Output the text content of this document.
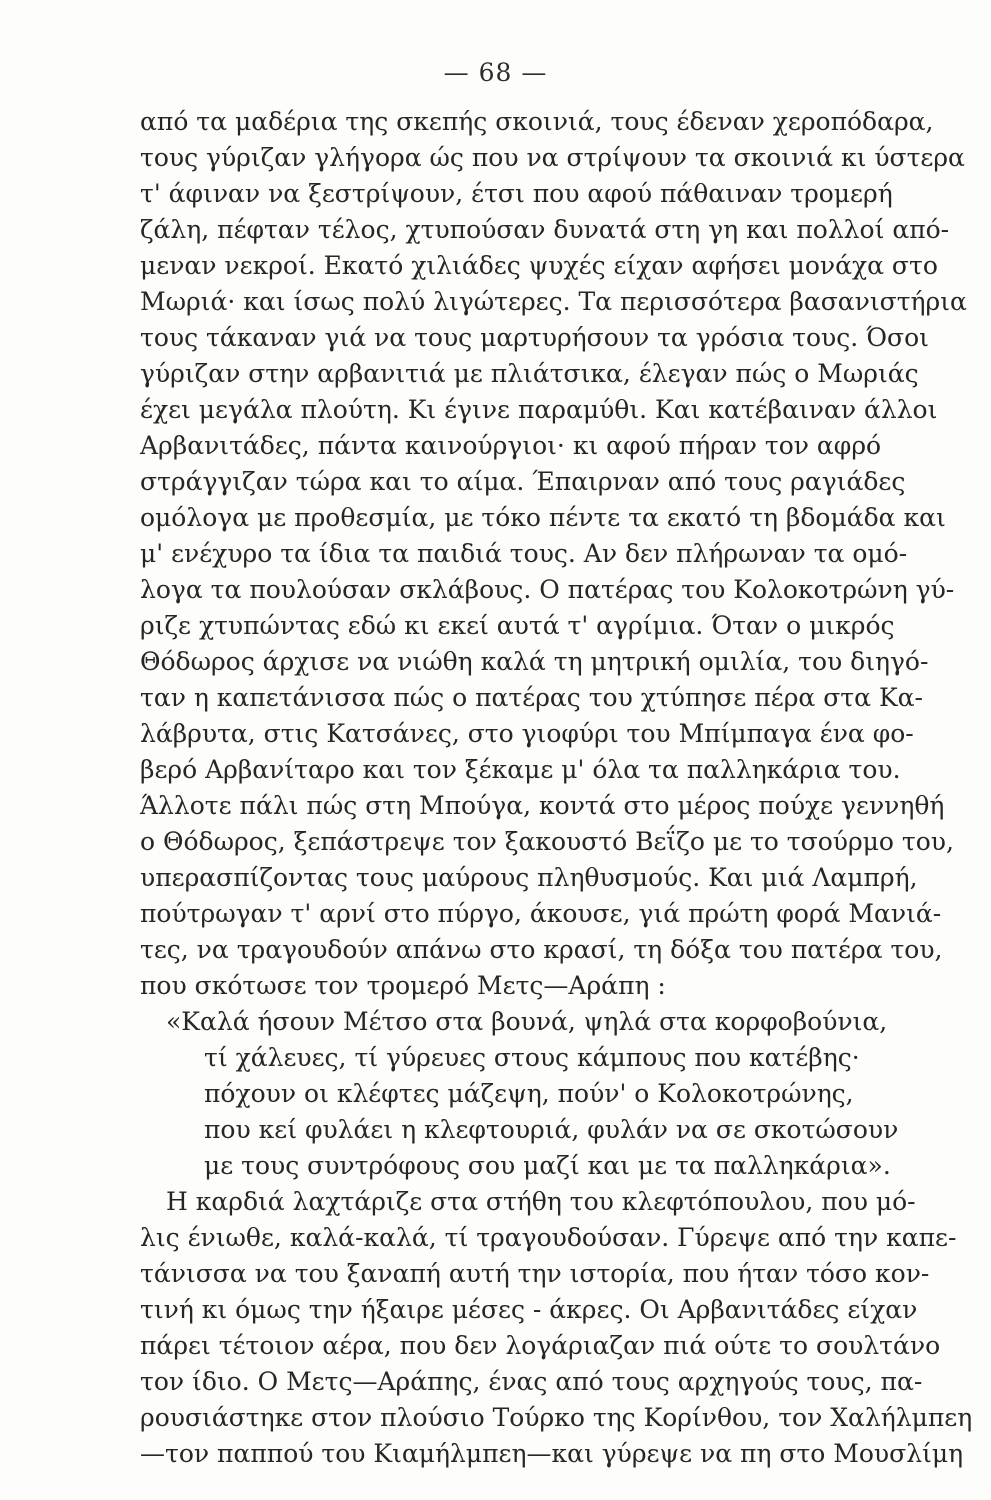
— 68 —
από τα μαδέρια της σκεπής σκοινιά, τους έδεναν χεροπόδαρα,
τους γύριζαν γλήγορα ώς που να στρίψουν τα σκοινιά κι ύστερα
τ' άφιναν να ξεστρίψουν, έτσι που αφού πάθαιναν τρομερή
ζάλη, πέφταν τέλος, χτυπούσαν δυνατά στη γη και πολλοί από-
μεναν νεκροί. Εκατό χιλιάδες ψυχές είχαν αφήσει μονάχα στο
Μωριά· και ίσως πολύ λιγώτερες. Τα περισσότερα βασανιστήρια
τους τάκαναν γιά να τους μαρτυρήσουν τα γρόσια τους. Όσοι
γύριζαν στην αρβανιτιά με πλιάτσικα, έλεγαν πώς ο Μωριάς
έχει μεγάλα πλούτη. Κι έγινε παραμύθι. Και κατέβαιναν άλλοι
Αρβανιτάδες, πάντα καινούργιοι· κι αφού πήραν τον αφρό
στράγγιζαν τώρα και το αίμα. Έπαιρναν από τους ραγιάδες
ομόλογα με προθεσμία, με τόκο πέντε τα εκατό τη βδομάδα και
μ' ενέχυρο τα ίδια τα παιδιά τους. Αν δεν πλήρωναν τα ομό-
λογα τα πουλούσαν σκλάβους. Ο πατέρας του Κολοκοτρώνη γύ-
ριζε χτυπώντας εδώ κι εκεί αυτά τ' αγρίμια. Όταν ο μικρός
Θόδωρος άρχισε να νιώθη καλά τη μητρική ομιλία, του διηγό-
ταν η καπετάνισσα πώς ο πατέρας του χτύπησε πέρα στα Κα-
λάβρυτα, στις Κατσάνες, στο γιοφύρι του Μπίμπαγα ένα φο-
βερό Αρβανίταρο και τον ξέκαμε μ' όλα τα παλληκάρια του.
Άλλοτε πάλι πώς στη Μπούγα, κοντά στο μέρος πούχε γεννηθή
ο Θόδωρος, ξεπάστρεψε τον ξακουστό Βεΐζο με το τσούρμο του,
υπερασπίζοντας τους μαύρους πληθυσμούς. Και μιά Λαμπρή,
πούτρωγαν τ' αρνί στο πύργο, άκουσε, γιά πρώτη φορά Μανιά-
τες, να τραγουδούν απάνω στο κρασί, τη δόξα του πατέρα του,
που σκότωσε τον τρομερό Μετς—Αράπη :
«Καλά ήσουν Μέτσο στα βουνά, ψηλά στα κορφοβούνια,
τί χάλευες, τί γύρευες στους κάμπους που κατέβης·
πόχουν οι κλέφτες μάζεψη, πούν' ο Κολοκοτρώνης,
που κεί φυλάει η κλεφτουριά, φυλάν να σε σκοτώσουν
με τους συντρόφους σου μαζί και με τα παλληκάρια».
Η καρδιά λαχτάριζε στα στήθη του κλεφτόπουλου, που μό-
λις ένιωθε, καλά-καλά, τί τραγουδούσαν. Γύρεψε από την καπε-
τάνισσα να του ξαναπή αυτή την ιστορία, που ήταν τόσο κον-
τινή κι όμως την ήξαιρε μέσες - άκρες. Οι Αρβανιτάδες είχαν
πάρει τέτοιον αέρα, που δεν λογάριαζαν πιά ούτε το σουλτάνο
τον ίδιο. Ο Μετς—Αράπης, ένας από τους αρχηγούς τους, πα-
ρουσιάστηκε στον πλούσιο Τούρκο της Κορίνθου, τον Χαλήλμπεη
—τον παππού του Κιαμήλμπεη—και γύρεψε να πη στο Μουσλίμη
